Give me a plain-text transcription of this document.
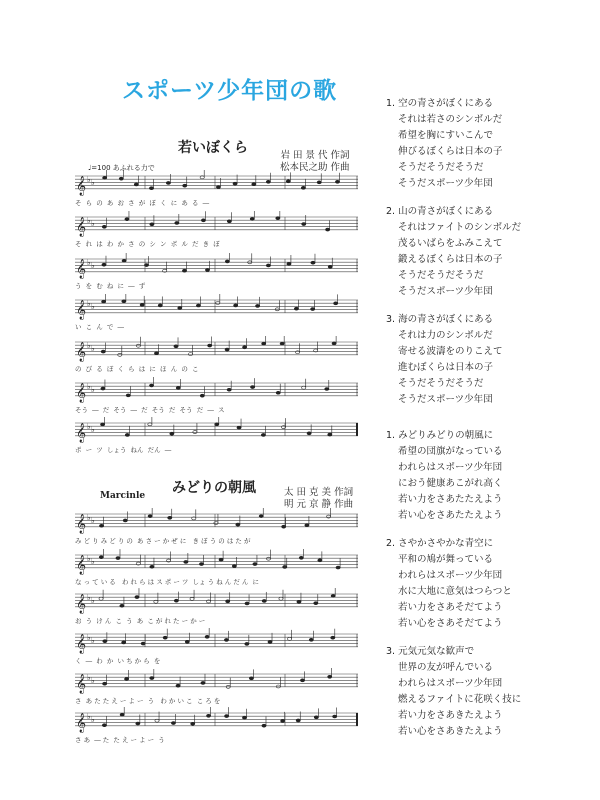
スポーツ少年団の歌
若いぼくら	岩 田 景 代 作詞
松本民之助 作曲
♩=100 あふれる力で
𝄞 ♭ ♭
そ  ら  の  あ  お  さ  が  ぼ  く  に  あ  る  ―
𝄞 ♭ ♭
そ  れ  は  わ  か  さ  の  シ  ン  ボ  ル  だ  き  ぼ
𝄞 ♭ ♭
う  を  む  ね  に  ―  ず
𝄞 ♭ ♭
い  こ  ん  で  ―
𝄞 ♭ ♭
の  び  る  ぼ  く  ら  は  に  ほ  ん  の  こ
𝄞 ♭ ♭
そう  ―  だ  そう  ―  だ  そう  だ  そう  だ  ―  ス
𝄞 ♭ ♭
ポ  ー  ツ  しょう  ねん  だん  ―
みどりの朝風	太 田 克 美 作詞
明 元 京 静 作曲
Marcinle
𝄞 ♭ ♭
み ど り み ど り の  あ さ ー か ぜ に   き ぼ う の は た が
𝄞 ♭ ♭
な っ て い る   わ れ ら は ス ポ ー ツ  しょ う ね ん だ ん  に
𝄞 ♭ ♭
お  う  け ん  こ  う  あ  こ が れ た ー か ー
𝄞 ♭ ♭
く  ―  わ  か  い ち か ら  を
𝄞 ♭ ♭
さ  あ た た え ー よ ー  う   わ か い こ  こ ろ を
𝄞 ♭ ♭
さ あ  ― た  た え ー よ ー  う
1. 空の青さがぼくにある
それは若さのシンボルだ
希望を胸にすいこんで
伸びるぼくらは日本の子
そうだそうだそうだ
そうだスポーツ少年団
2. 山の青さがぼくにある
それはファイトのシンボルだ
茂るいばらをふみこえて
鍛えるぼくらは日本の子
そうだそうだそうだ
そうだスポーツ少年団
3. 海の青さがぼくにある
それは力のシンボルだ
寄せる波濤をのりこえて
進むぼくらは日本の子
そうだそうだそうだ
そうだスポーツ少年団
1. みどりみどりの朝風に
希望の団旗がなっている
われらはスポーツ少年団
におう健康あこがれ高く
若い力をさあたたえよう
若い心をさあたたえよう
2. さやかさやかな青空に
平和の鳩が舞っている
われらはスポーツ少年団
水に大地に意気はつらつと
若い力をさあそだてよう
若い心をさあそだてよう
3. 元気元気な歓声で
世界の友が呼んでいる
われらはスポーツ少年団
燃えるファイトに花咲く技に
若い力をさあきたえよう
若い心をさあきたえよう
